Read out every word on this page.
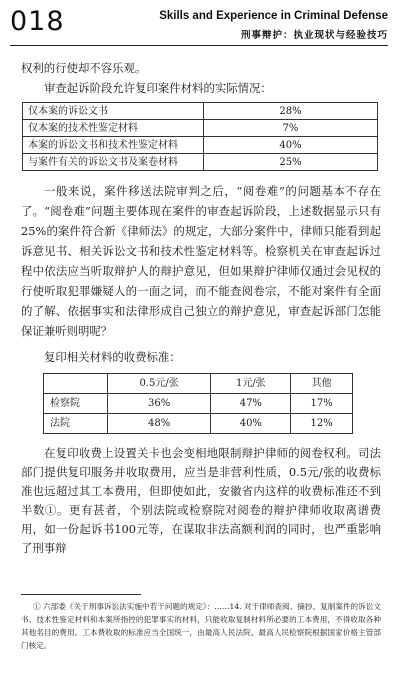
018	Skills and Experience in Criminal Defense
刑事辩护：执业现状与经验技巧

权利的行使却不容乐观。

审查起诉阶段允许复印案件材料的实际情况：

仅本案的诉讼文书	28%
仅本案的技术性鉴定材料	7%
本案的诉讼文书和技术性鉴定材料	40%
与案件有关的诉讼文书及案卷材料	25%

一般来说，案件移送法院审判之后，“阅卷难”的问题基本不存在了。“阅卷难”问题主要体现在案件的审查起诉阶段，上述数据显示只有25%的案件符合新《律师法》的规定，大部分案件中，律师只能看到起诉意见书、相关诉讼文书和技术性鉴定材料等。检察机关在审查起诉过程中依法应当听取辩护人的辩护意见，但如果辩护律师仅通过会见权的行使听取犯罪嫌疑人的一面之词，而不能查阅卷宗，不能对案件有全面的了解、依据事实和法律形成自己独立的辩护意见，审查起诉部门怎能保证兼听则明呢？

复印相关材料的收费标准：

	0.5元/张	1元/张	其他
检察院	36%	47%	17%
法院	48%	40%	12%

在复印收费上设置关卡也会变相地限制辩护律师的阅卷权利。司法部门提供复印服务并收取费用，应当是非营利性质，0.5元/张的收费标准也远超过其工本费用，但即使如此，安徽省内这样的收费标准还不到半数①。更有甚者，个别法院或检察院对阅卷的辩护律师收取离谱费用，如一份起诉书100元等，在谋取非法高额利润的同时，也严重影响了刑事辩

① 六部委《关于刑事诉讼法实施中若干问题的规定》：……14. 对于律师查阅、摘抄、复制案件的诉讼文书、技术性鉴定材料和本案所指控的犯罪事实的材料，只能收取复制材料所必要的工本费用，不得收取各种其他名目的费用。工本费收取的标准应当全国统一，由最高人民法院、最高人民检察院根据国家价格主管部门核定。
